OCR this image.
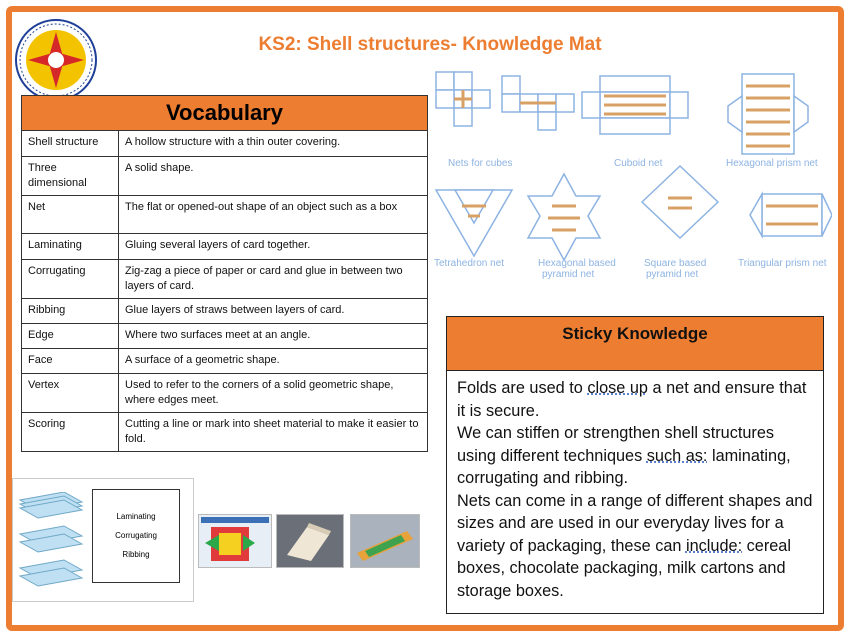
KS2: Shell structures- Knowledge Mat
Vocabulary	
Shell structure	A hollow structure with a thin outer covering.
Three dimensional	A solid shape.
Net	The flat or opened-out shape of an object such as a box
Laminating	Gluing several layers of card together.
Corrugating	Zig-zag a piece of paper or card and glue in between two layers of card.
Ribbing	Glue layers of straws between layers of card.
Edge	Where two surfaces meet at an angle.
Face	A surface of a geometric shape.
Vertex	Used to refer to the corners of a solid geometric shape, where edges meet.
Scoring	Cutting a line or mark into sheet material to make it easier to fold.
Nets for cubes	Cuboid net	Hexagonal prism net
Tetrahedron net	Hexagonal based
pyramid net
Square based
pyramid net
Triangular prism net
Sticky Knowledge

Folds are used to close up a net and ensure that it is secure.

We can stiffen or strengthen shell structures using different techniques such as: laminating, corrugating and ribbing.

Nets can come in a range of different shapes and sizes and are used in our everyday lives for a variety of packaging, these can include: cereal boxes, chocolate packaging, milk cartons and storage boxes.

Laminating
Corrugating
Ribbing
